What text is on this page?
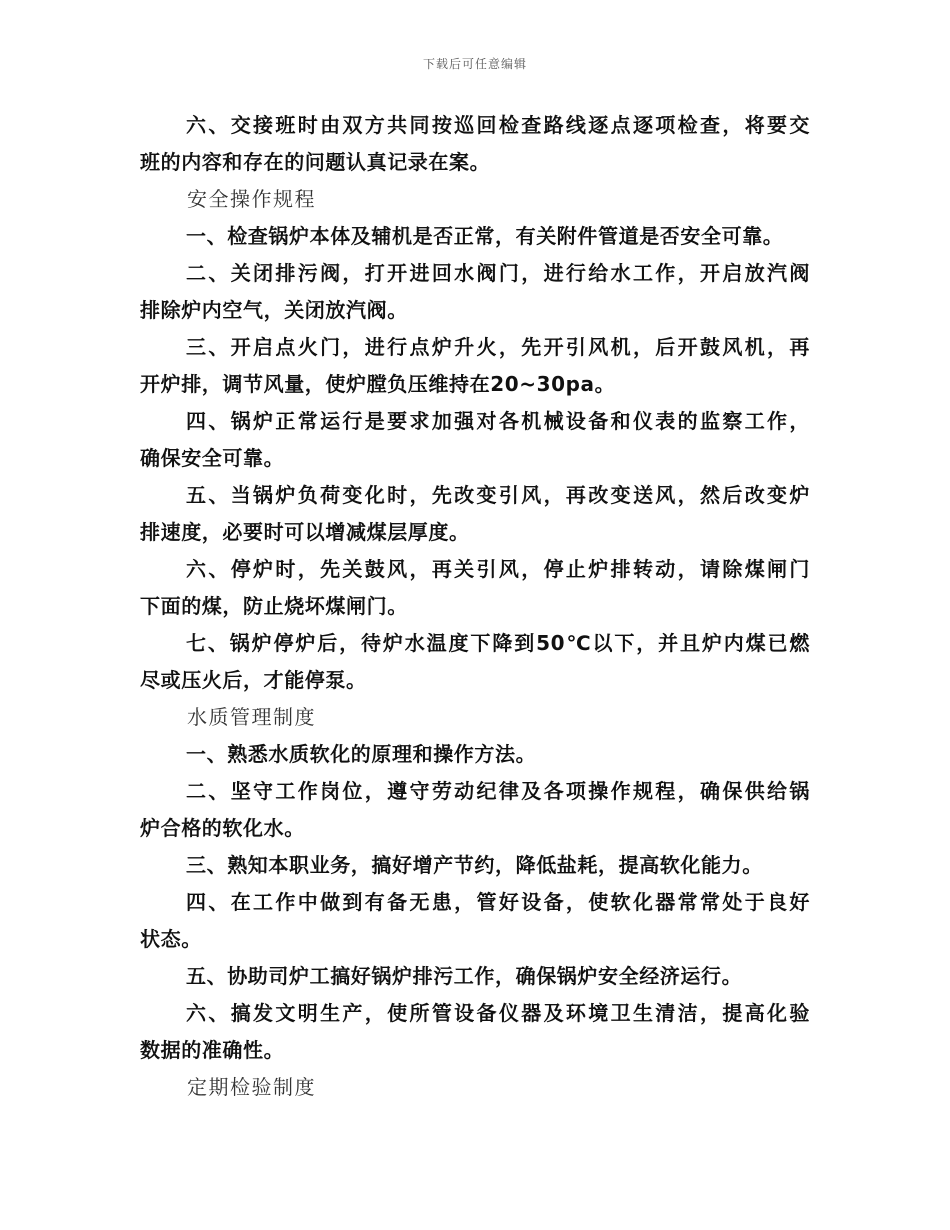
下载后可任意编辑
六、交接班时由双方共同按巡回检查路线逐点逐项检查，将要交
班的内容和存在的问题认真记录在案。
安全操作规程
一、检查锅炉本体及辅机是否正常，有关附件管道是否安全可靠。
二、关闭排污阀，打开进回水阀门，进行给水工作，开启放汽阀
排除炉内空气，关闭放汽阀。
三、开启点火门，进行点炉升火，先开引风机，后开鼓风机，再
开炉排，调节风量，使炉膛负压维持在20~30pa。
四、锅炉正常运行是要求加强对各机械设备和仪表的监察工作，
确保安全可靠。
五、当锅炉负荷变化时，先改变引风，再改变送风，然后改变炉
排速度，必要时可以增减煤层厚度。
六、停炉时，先关鼓风，再关引风，停止炉排转动，请除煤闸门
下面的煤，防止烧坏煤闸门。
七、锅炉停炉后，待炉水温度下降到50℃以下，并且炉内煤已燃
尽或压火后，才能停泵。
水质管理制度
一、熟悉水质软化的原理和操作方法。
二、坚守工作岗位，遵守劳动纪律及各项操作规程，确保供给锅
炉合格的软化水。
三、熟知本职业务，搞好增产节约，降低盐耗，提高软化能力。
四、在工作中做到有备无患，管好设备，使软化器常常处于良好
状态。
五、协助司炉工搞好锅炉排污工作，确保锅炉安全经济运行。
六、搞发文明生产，使所管设备仪器及环境卫生清洁，提高化验
数据的准确性。
定期检验制度
